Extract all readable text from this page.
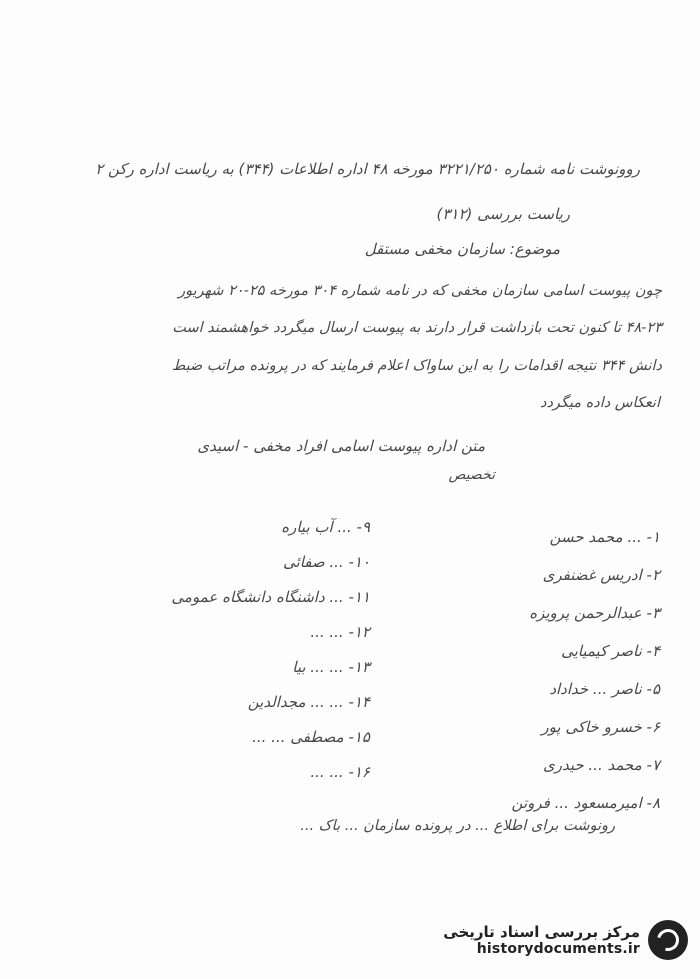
روونوشت نامه شماره ۳۲۲۱/۲۵۰ مورخه ۴۸ اداره اطلاعات (۳۴۴) به ریاست اداره رکن ۲
ریاست بررسی (۳۱۲)
موضوع: سازمان مخفی مستقل
چون پیوست اسامی سازمان مخفی که در نامه شماره ۳۰۴ مورخه ۲۵-۲۰ شهریور
۴۸-۲۳ تا کنون تحت بازداشت قرار دارند به پیوست ارسال میگردد خواهشمند است
دانش ۳۴۴ نتیجه اقدامات را به این ساواک اعلام فرمایند که در پرونده مراتب ضبط
انعکاس داده میگردد
متن اداره پیوست اسامی افراد مخفی - اسیدی
تخصیص
۱- ... محمد حسن
۲- ادریس غضنفری
۳- عبدالرحمن پرویزه
۴- ناصر کیمیایی
۵- ناصر ... خداداد
۶- خسرو خاکی پور
۷- محمد ... حیدری
۸- امیرمسعود ... فروتن
۹- ... آب بیاره
۱۰- ... صفائی
۱۱- ... داشنگاه دانشگاه عمومی
۱۲- ... ...
۱۳- ... ... بیا
۱۴- ... ... مجدالدین
۱۵- مصطفی ... ...
۱۶- ... ...
رونوشت برای اطلاع ... در پرونده سازمان ... باک ...
مرکز بررسی اسناد تاریخی
historydocuments.ir
